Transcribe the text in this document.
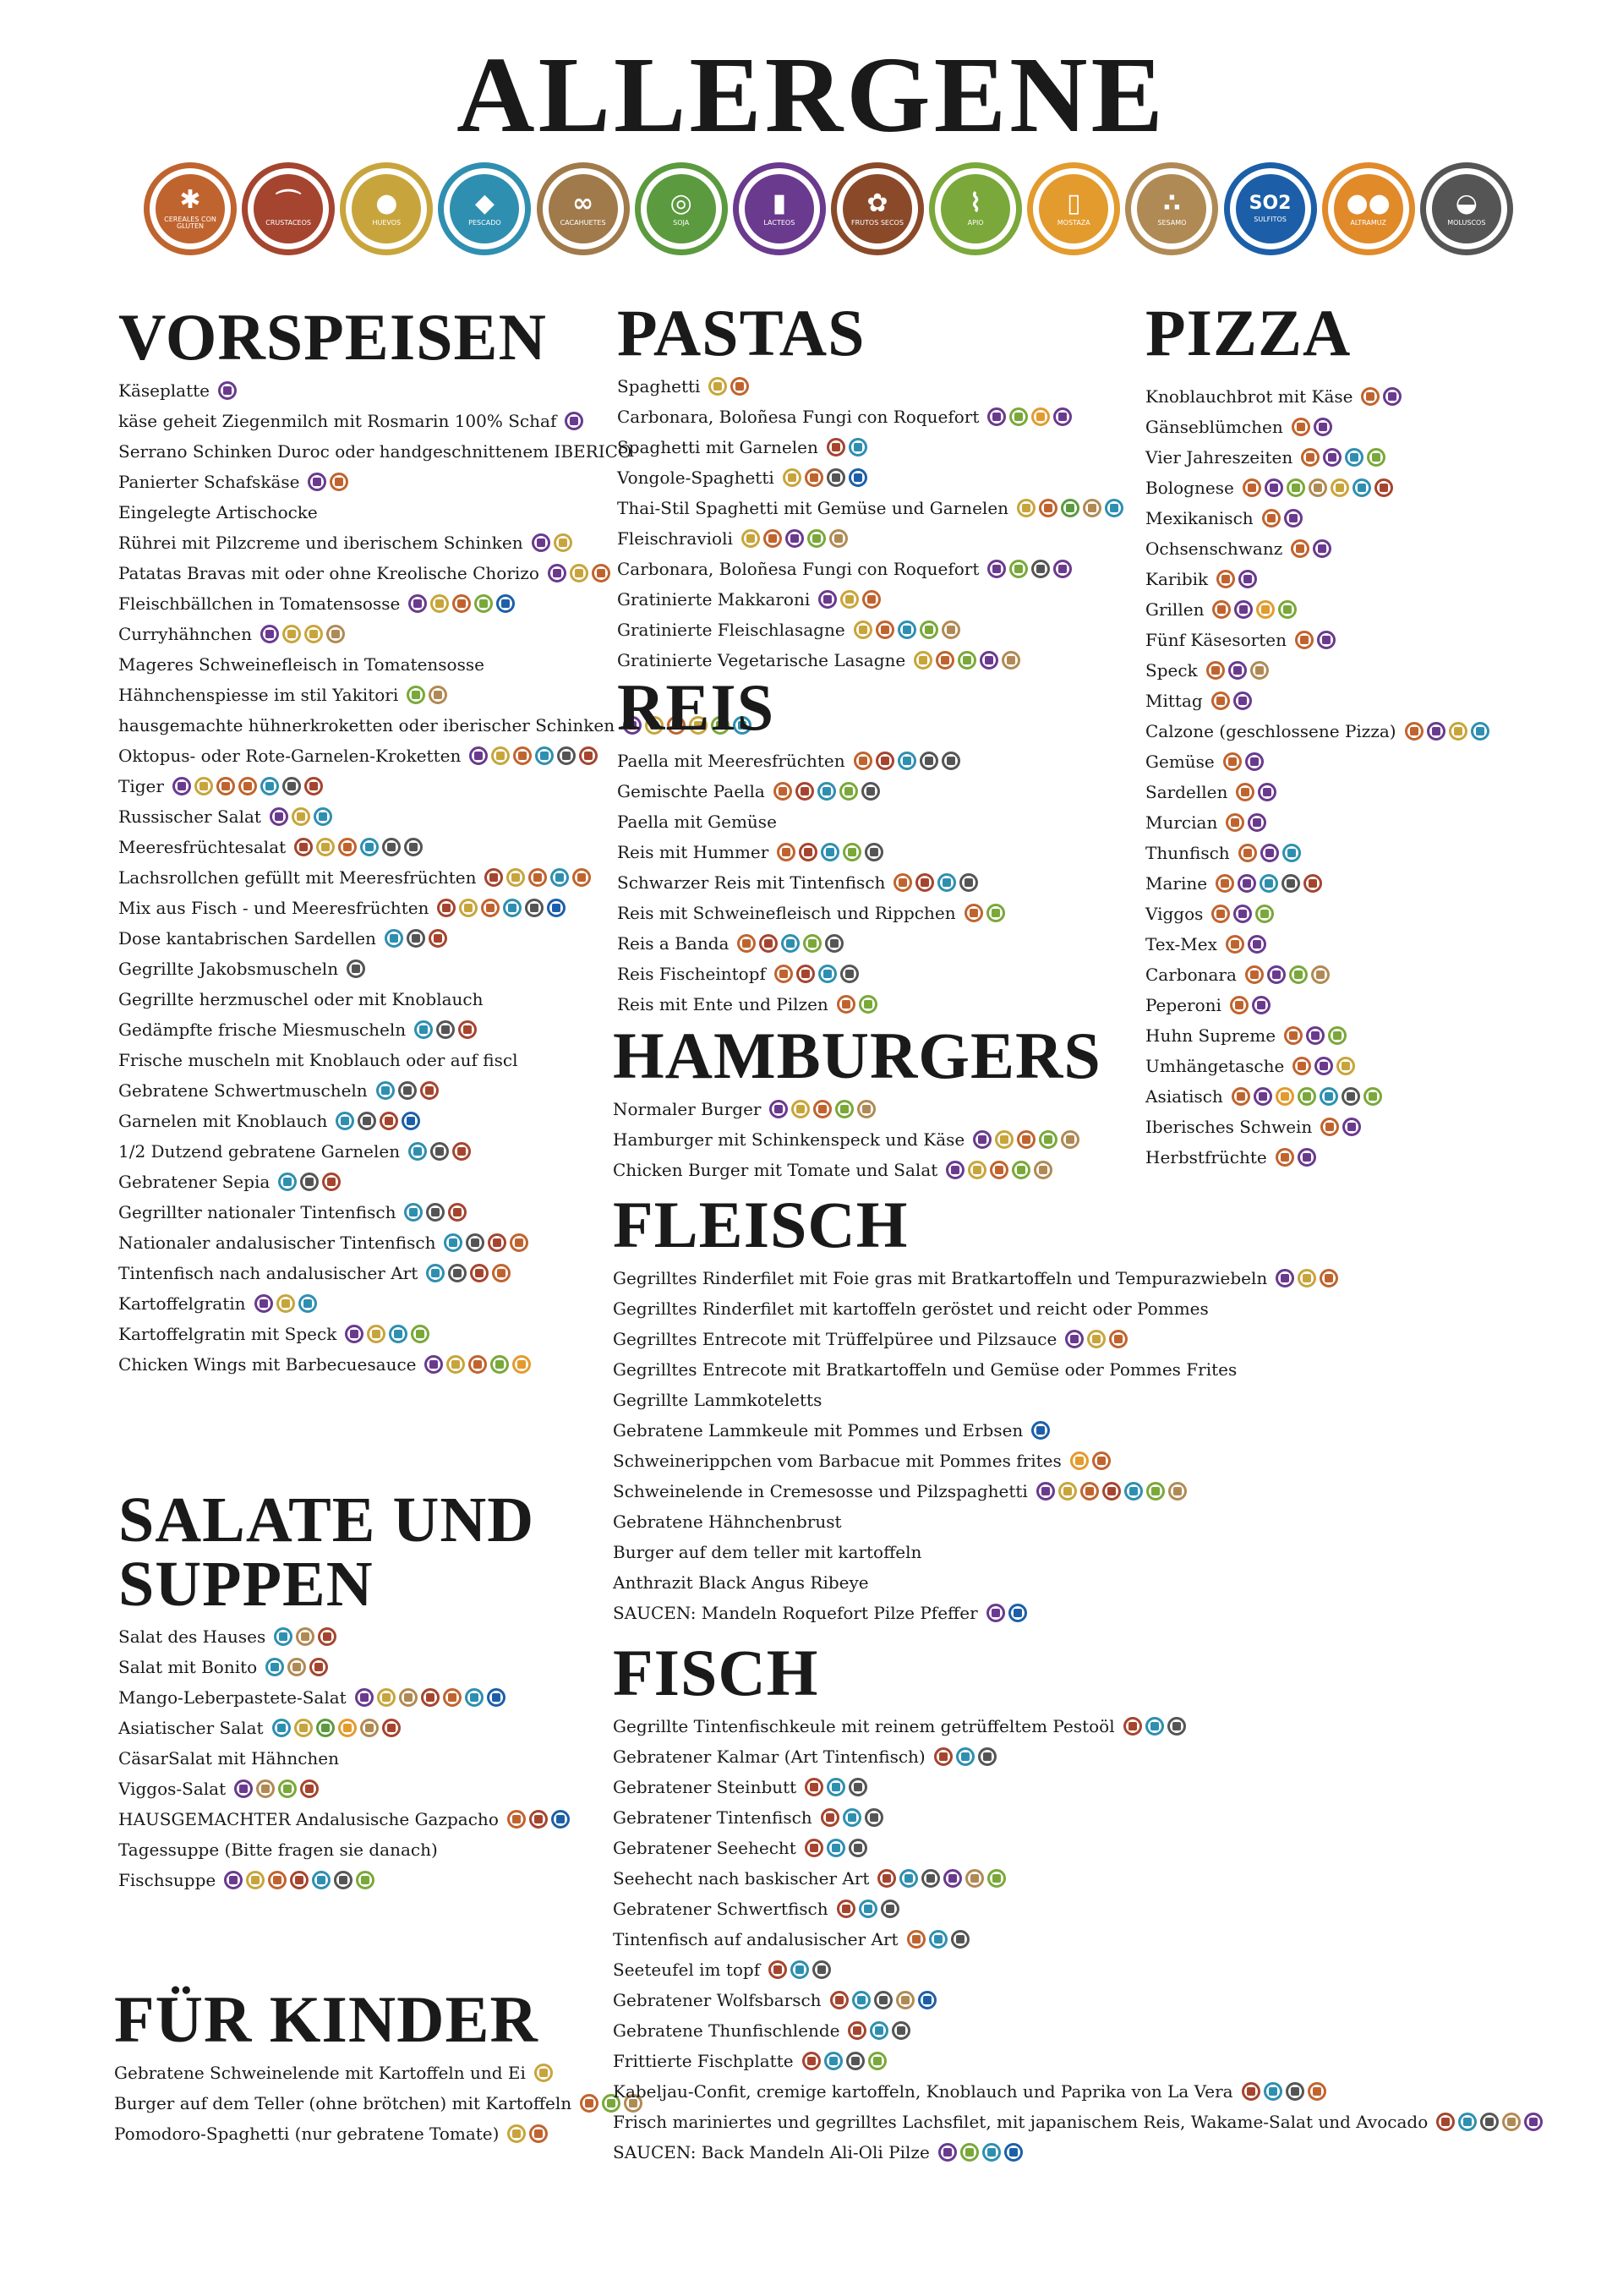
ALLERGENE
✱
CEREALES CON GLUTEN
⌒
CRUSTACEOS
●
HUEVOS
◆
PESCADO
∞
CACAHUETES
◎
SOJA
▮
LACTEOS
✿
FRUTOS SECOS
⌇
APIO
▯
MOSTAZA
∴
SESAMO
SO2
SULFITOS
●●
ALTRAMUZ
◒
MOLUSCOS
VORSPEISEN
Käseplatte
käse geheit Ziegenmilch mit Rosmarin 100% Schaf
Serrano Schinken Duroc oder handgeschnittenem IBERICO
Panierter Schafskäse
Eingelegte Artischocke
Rührei mit Pilzcreme und iberischem Schinken
Patatas Bravas mit oder ohne Kreolische Chorizo
Fleischbällchen in Tomatensosse
Curryhähnchen
Mageres Schweinefleisch in Tomatensosse
Hähnchenspiesse im stil Yakitori
hausgemachte hühnerkroketten oder iberischer Schinken
Oktopus- oder Rote-Garnelen-Kroketten
Tiger
Russischer Salat
Meeresfrüchtesalat
Lachsrollchen gefüllt mit Meeresfrüchten
Mix aus Fisch - und Meeresfrüchten
Dose kantabrischen Sardellen
Gegrillte Jakobsmuscheln
Gegrillte herzmuschel oder mit Knoblauch
Gedämpfte frische Miesmuscheln
Frische muscheln mit Knoblauch oder auf fiscl
Gebratene Schwertmuscheln
Garnelen mit Knoblauch
1/2 Dutzend gebratene Garnelen
Gebratener Sepia
Gegrillter nationaler Tintenfisch
Nationaler andalusischer Tintenfisch
Tintenfisch nach andalusischer Art
Kartoffelgratin
Kartoffelgratin mit Speck
Chicken Wings mit Barbecuesauce
SALATE UND SUPPEN
Salat des Hauses
Salat mit Bonito
Mango-Leberpastete-Salat
Asiatischer Salat
CäsarSalat mit Hähnchen
Viggos-Salat
HAUSGEMACHTER Andalusische Gazpacho
Tagessuppe (Bitte fragen sie danach)
Fischsuppe
FÜR KINDER
Gebratene Schweinelende mit Kartoffeln und Ei
Burger auf dem Teller (ohne brötchen) mit Kartoffeln
Pomodoro-Spaghetti (nur gebratene Tomate)
PASTAS
Spaghetti
Carbonara, Boloñesa Fungi con Roquefort
Spaghetti mit Garnelen
Vongole-Spaghetti
Thai-Stil Spaghetti mit Gemüse und Garnelen
Fleischravioli
Carbonara, Boloñesa Fungi con Roquefort
Gratinierte Makkaroni
Gratinierte Fleischlasagne
Gratinierte Vegetarische Lasagne
REIS
Paella mit Meeresfrüchten
Gemischte Paella
Paella mit Gemüse
Reis mit Hummer
Schwarzer Reis mit Tintenfisch
Reis mit Schweinefleisch und Rippchen
Reis a Banda
Reis Fischeintopf
Reis mit Ente und Pilzen
HAMBURGERS
Normaler Burger
Hamburger mit Schinkenspeck und Käse
Chicken Burger mit Tomate und Salat
FLEISCH
Gegrilltes Rinderfilet mit Foie gras mit Bratkartoffeln und Tempurazwiebeln
Gegrilltes Rinderfilet mit kartoffeln geröstet und reicht oder Pommes
Gegrilltes Entrecote mit Trüffelpüree und Pilzsauce
Gegrilltes Entrecote mit Bratkartoffeln und Gemüse oder Pommes Frites
Gegrillte Lammkoteletts
Gebratene Lammkeule mit Pommes und Erbsen
Schweinerippchen vom Barbacue mit Pommes frites
Schweinelende in Cremesosse und Pilzspaghetti
Gebratene Hähnchenbrust
Burger auf dem teller mit kartoffeln
Anthrazit Black Angus Ribeye
SAUCEN: Mandeln Roquefort Pilze Pfeffer
FISCH
Gegrillte Tintenfischkeule mit reinem getrüffeltem Pestoöl
Gebratener Kalmar (Art Tintenfisch)
Gebratener Steinbutt
Gebratener Tintenfisch
Gebratener Seehecht
Seehecht nach baskischer Art
Gebratener Schwertfisch
Tintenfisch auf andalusischer Art
Seeteufel im topf
Gebratener Wolfsbarsch
Gebratene Thunfischlende
Frittierte Fischplatte
Kabeljau-Confit, cremige kartoffeln, Knoblauch und Paprika von La Vera
Frisch mariniertes und gegrilltes Lachsfilet, mit japanischem Reis, Wakame-Salat und Avocado
SAUCEN: Back Mandeln Ali-Oli Pilze
PIZZA
Knoblauchbrot mit Käse
Gänseblümchen
Vier Jahreszeiten
Bolognese
Mexikanisch
Ochsenschwanz
Karibik
Grillen
Fünf Käsesorten
Speck
Mittag
Calzone (geschlossene Pizza)
Gemüse
Sardellen
Murcian
Thunfisch
Marine
Viggos
Tex-Mex
Carbonara
Peperoni
Huhn Supreme
Umhängetasche
Asiatisch
Iberisches Schwein
Herbstfrüchte
